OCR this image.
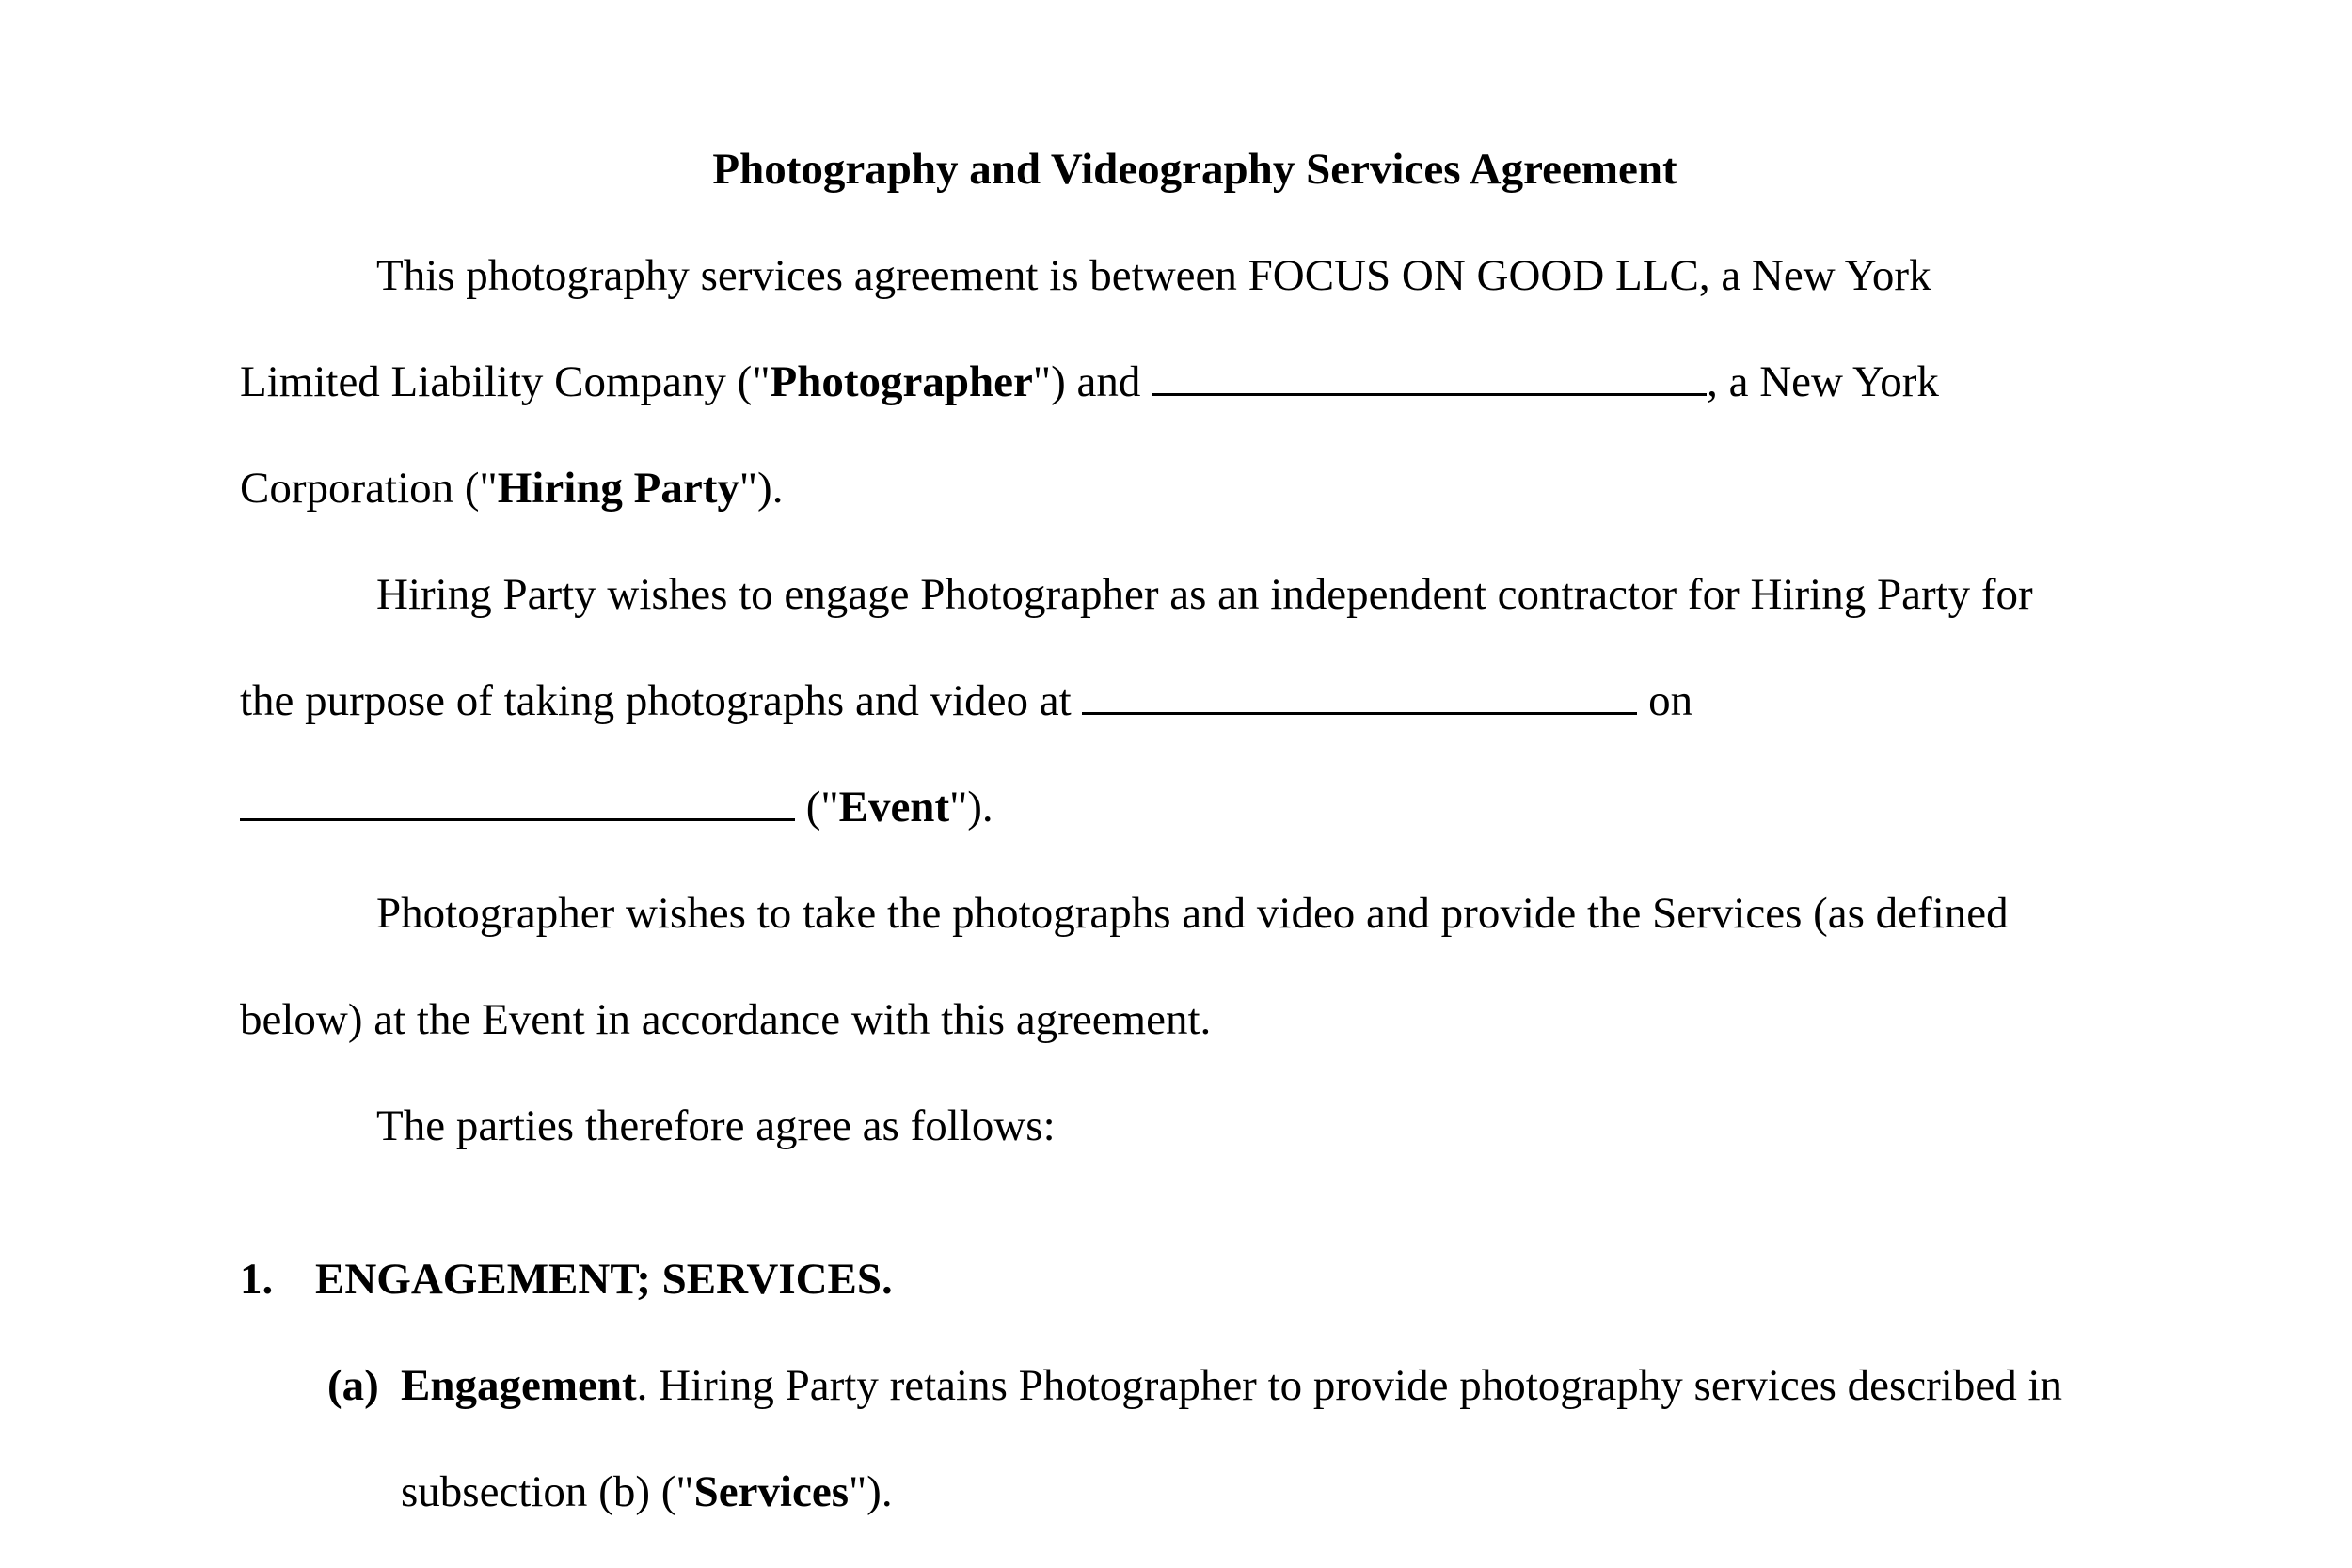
Photography and Videography Services Agreement
This photography services agreement is between FOCUS ON GOOD LLC, a New York
Limited Liability Company ("Photographer") and	, a New York
Corporation ("Hiring Party").
Hiring Party wishes to engage Photographer as an independent contractor for Hiring Party for
the purpose of taking photographs and video at	on
("Event").
Photographer wishes to take the photographs and video and provide the Services (as defined
below) at the Event in accordance with this agreement.
The parties therefore agree as follows:
1. ENGAGEMENT; SERVICES.
(a) Engagement. Hiring Party retains Photographer to provide photography services described in
subsection (b) ("Services").
